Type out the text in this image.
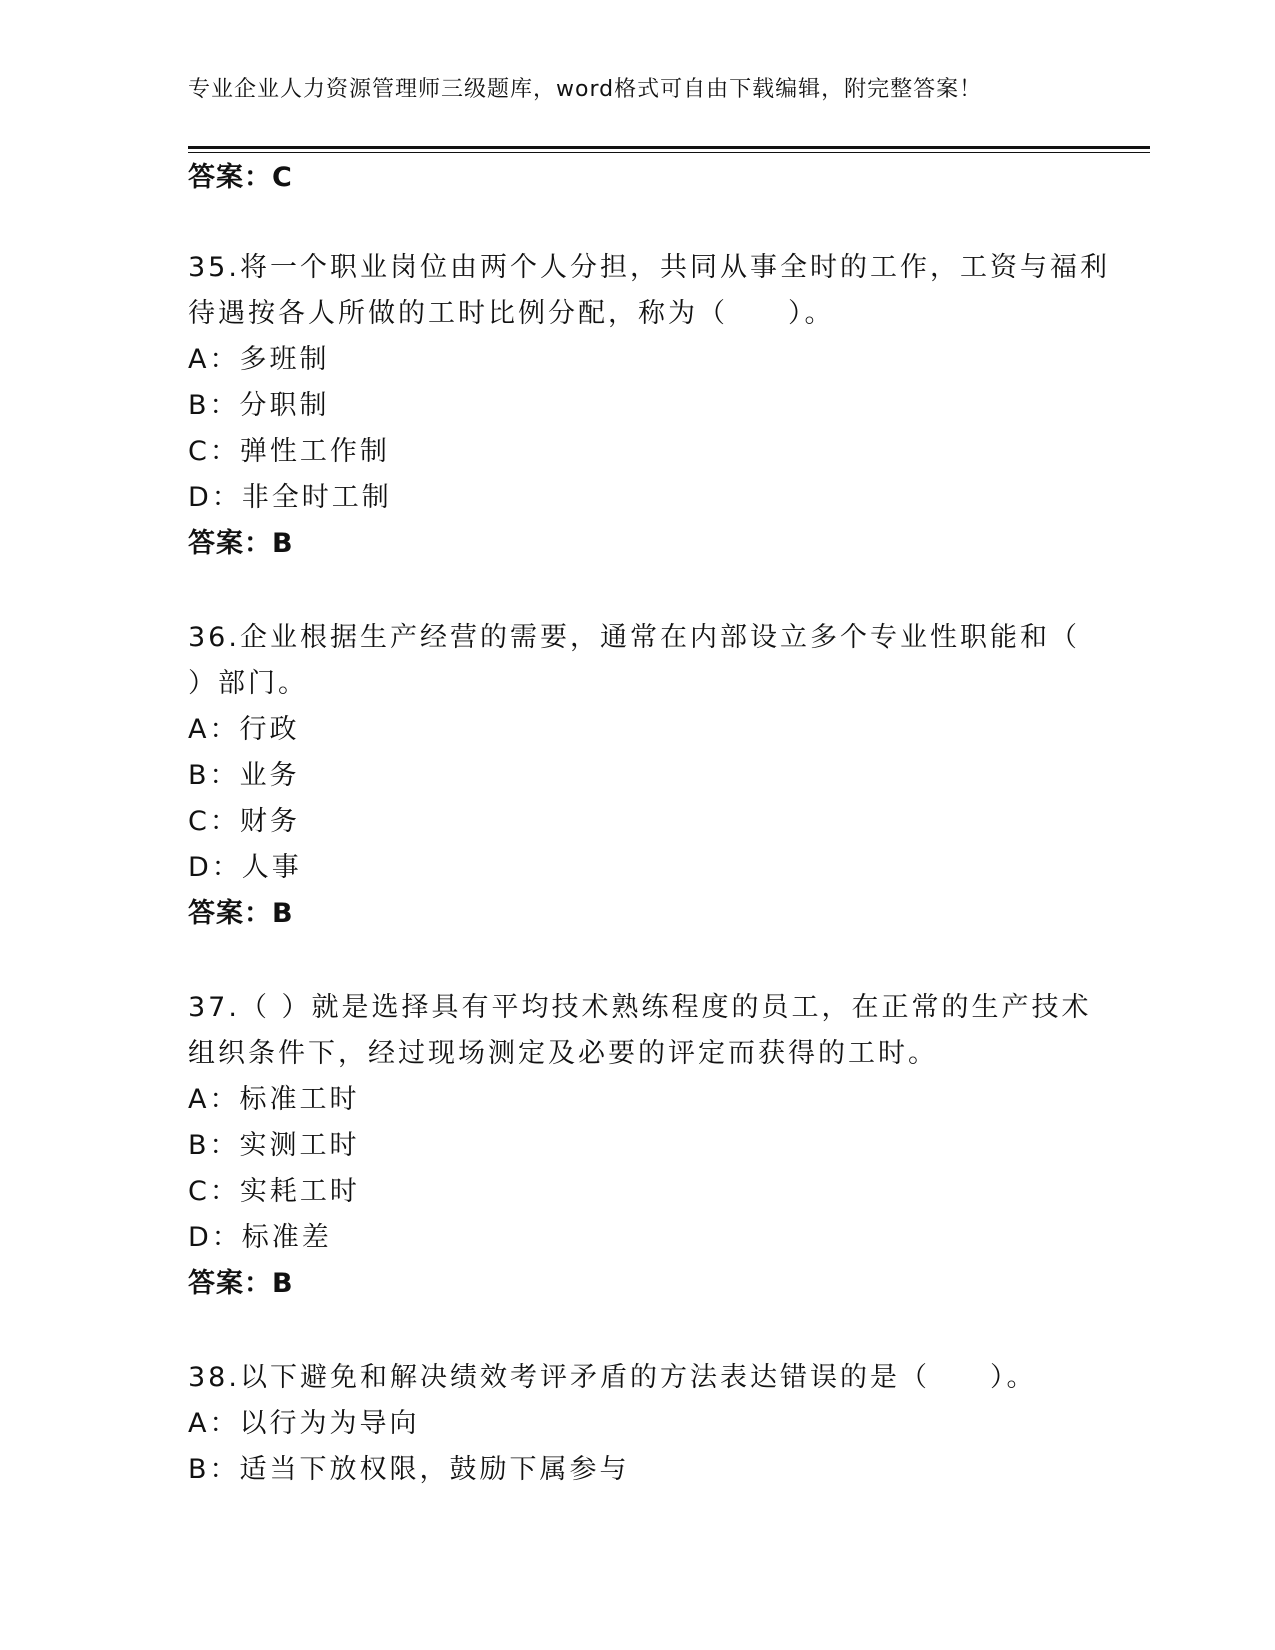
专业企业人力资源管理师三级题库，word格式可自由下载编辑，附完整答案！
答案：C
35.将一个职业岗位由两个人分担，共同从事全时的工作，工资与福利
待遇按各人所做的工时比例分配，称为（　　）。
A：多班制
B：分职制
C：弹性工作制
D：非全时工制
答案：B
36.企业根据生产经营的需要，通常在内部设立多个专业性职能和（
）部门。
A：行政
B：业务
C：财务
D：人事
答案：B
37.（ ）就是选择具有平均技术熟练程度的员工，在正常的生产技术
组织条件下，经过现场测定及必要的评定而获得的工时。
A：标准工时
B：实测工时
C：实耗工时
D：标准差
答案：B
38.以下避免和解决绩效考评矛盾的方法表达错误的是（　　）。
A：以行为为导向
B：适当下放权限，鼓励下属参与
